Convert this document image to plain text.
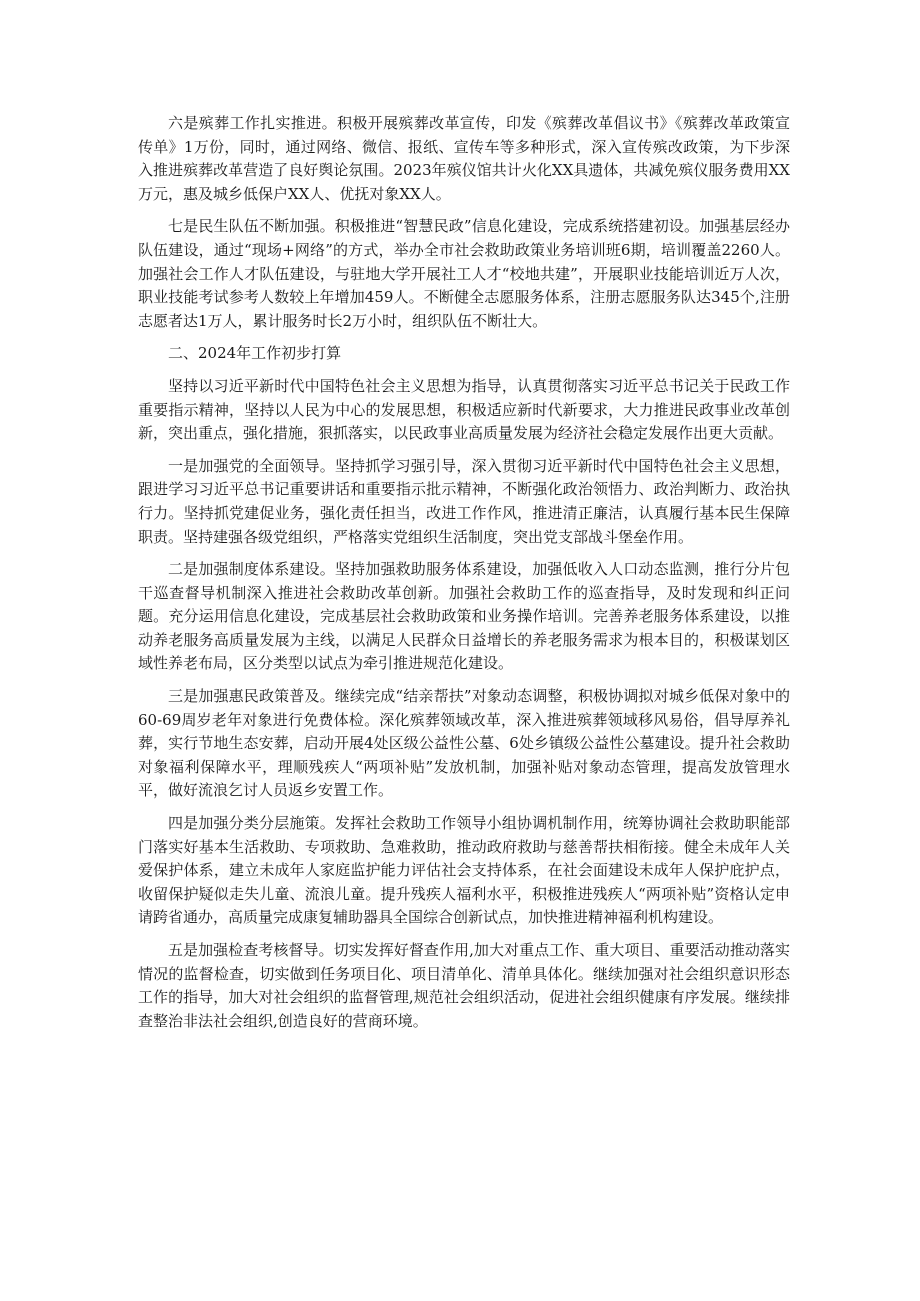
六是殡葬工作扎实推进。积极开展殡葬改革宣传，印发《殡葬改革倡议书》《殡葬改革政策宣传单》1万份，同时，通过网络、微信、报纸、宣传车等多种形式，深入宣传殡改政策，为下步深入推进殡葬改革营造了良好舆论氛围。2023年殡仪馆共计火化XX具遗体，共减免殡仪服务费用XX万元，惠及城乡低保户XX人、优抚对象XX人。

七是民生队伍不断加强。积极推进“智慧民政”信息化建设，完成系统搭建初设。加强基层经办队伍建设，通过“现场+网络”的方式，举办全市社会救助政策业务培训班6期，培训覆盖2260人。加强社会工作人才队伍建设，与驻地大学开展社工人才“校地共建”，开展职业技能培训近万人次，职业技能考试参考人数较上年增加459人。不断健全志愿服务体系，注册志愿服务队达345个,注册志愿者达1万人，累计服务时长2万小时，组织队伍不断壮大。

二、2024年工作初步打算

坚持以习近平新时代中国特色社会主义思想为指导，认真贯彻落实习近平总书记关于民政工作重要指示精神，坚持以人民为中心的发展思想，积极适应新时代新要求，大力推进民政事业改革创新，突出重点，强化措施，狠抓落实，以民政事业高质量发展为经济社会稳定发展作出更大贡献。

一是加强党的全面领导。坚持抓学习强引导，深入贯彻习近平新时代中国特色社会主义思想，跟进学习习近平总书记重要讲话和重要指示批示精神，不断强化政治领悟力、政治判断力、政治执行力。坚持抓党建促业务，强化责任担当，改进工作作风，推进清正廉洁，认真履行基本民生保障职责。坚持建强各级党组织，严格落实党组织生活制度，突出党支部战斗堡垒作用。

二是加强制度体系建设。坚持加强救助服务体系建设，加强低收入人口动态监测，推行分片包干巡查督导机制深入推进社会救助改革创新。加强社会救助工作的巡查指导，及时发现和纠正问题。充分运用信息化建设，完成基层社会救助政策和业务操作培训。完善养老服务体系建设，以推动养老服务高质量发展为主线，以满足人民群众日益增长的养老服务需求为根本目的，积极谋划区域性养老布局，区分类型以试点为牵引推进规范化建设。

三是加强惠民政策普及。继续完成“结亲帮扶”对象动态调整，积极协调拟对城乡低保对象中的60-69周岁老年对象进行免费体检。深化殡葬领域改革，深入推进殡葬领域移风易俗，倡导厚养礼葬，实行节地生态安葬，启动开展4处区级公益性公墓、6处乡镇级公益性公墓建设。提升社会救助对象福利保障水平，理顺残疾人“两项补贴”发放机制，加强补贴对象动态管理，提高发放管理水平，做好流浪乞讨人员返乡安置工作。

四是加强分类分层施策。发挥社会救助工作领导小组协调机制作用，统筹协调社会救助职能部门落实好基本生活救助、专项救助、急难救助，推动政府救助与慈善帮扶相衔接。健全未成年人关爱保护体系，建立未成年人家庭监护能力评估社会支持体系，在社会面建设未成年人保护庇护点，收留保护疑似走失儿童、流浪儿童。提升残疾人福利水平，积极推进残疾人“两项补贴”资格认定申请跨省通办，高质量完成康复辅助器具全国综合创新试点，加快推进精神福利机构建设。

五是加强检查考核督导。切实发挥好督查作用,加大对重点工作、重大项目、重要活动推动落实情况的监督检查，切实做到任务项目化、项目清单化、清单具体化。继续加强对社会组织意识形态工作的指导，加大对社会组织的监督管理,规范社会组织活动，促进社会组织健康有序发展。继续排查整治非法社会组织,创造良好的营商环境。
